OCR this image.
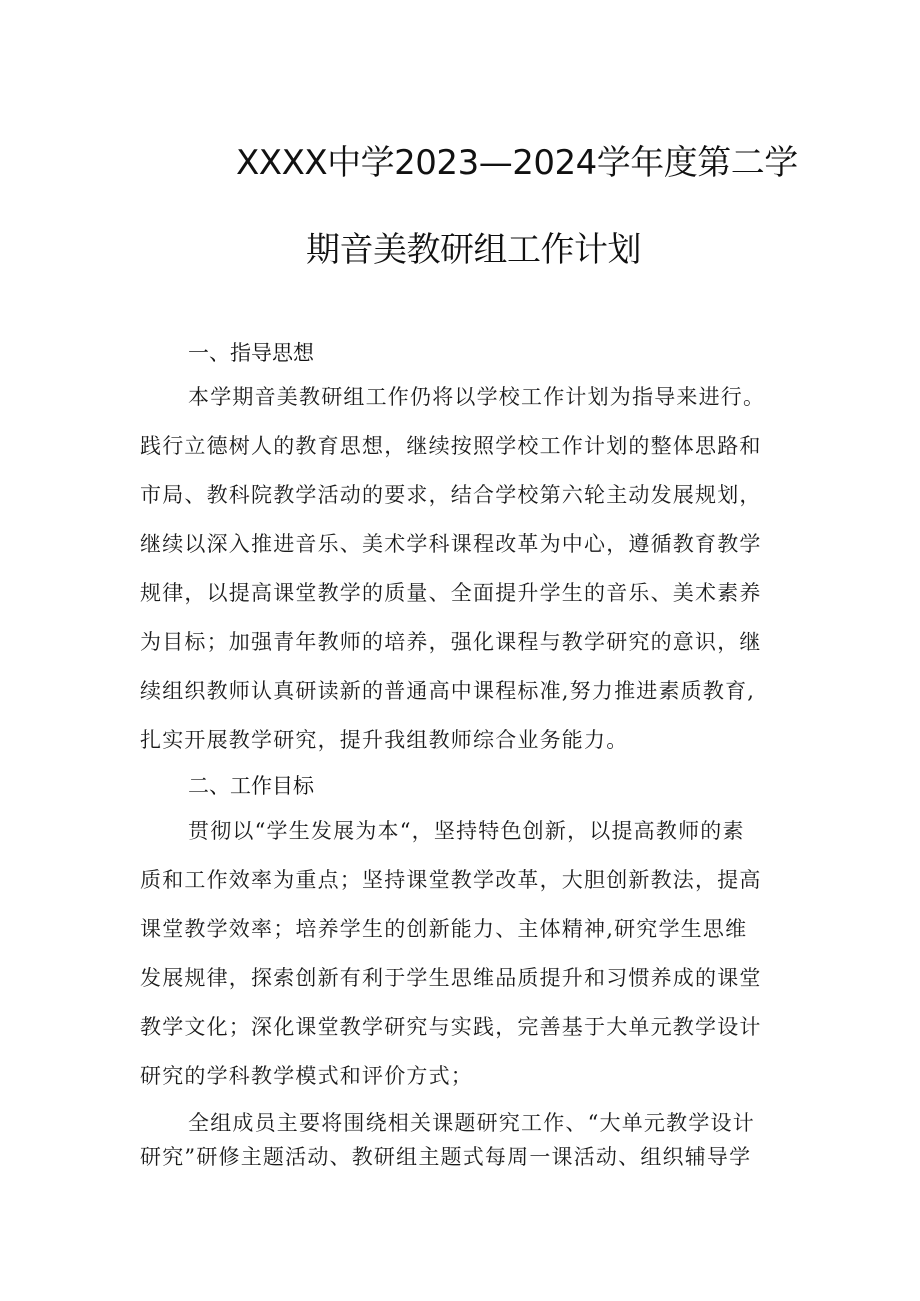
XXXX中学2023—2024学年度第二学
期音美教研组工作计划
一、指导思想
本学期音美教研组工作仍将以学校工作计划为指导来进行。
践行立德树人的教育思想，继续按照学校工作计划的整体思路和
市局、教科院教学活动的要求，结合学校第六轮主动发展规划，
继续以深入推进音乐、美术学科课程改革为中心，遵循教育教学
规律，以提高课堂教学的质量、全面提升学生的音乐、美术素养
为目标；加强青年教师的培养，强化课程与教学研究的意识，继
续组织教师认真研读新的普通高中课程标准,努力推进素质教育,
扎实开展教学研究，提升我组教师综合业务能力。
二、工作目标
贯彻以“学生发展为本“，坚持特色创新，以提高教师的素
质和工作效率为重点；坚持课堂教学改革，大胆创新教法，提高
课堂教学效率；培养学生的创新能力、主体精神,研究学生思维
发展规律，探索创新有利于学生思维品质提升和习惯养成的课堂
教学文化；深化课堂教学研究与实践，完善基于大单元教学设计
研究的学科教学模式和评价方式；
全组成员主要将围绕相关课题研究工作、“大单元教学设计
研究”研修主题活动、教研组主题式每周一课活动、组织辅导学
